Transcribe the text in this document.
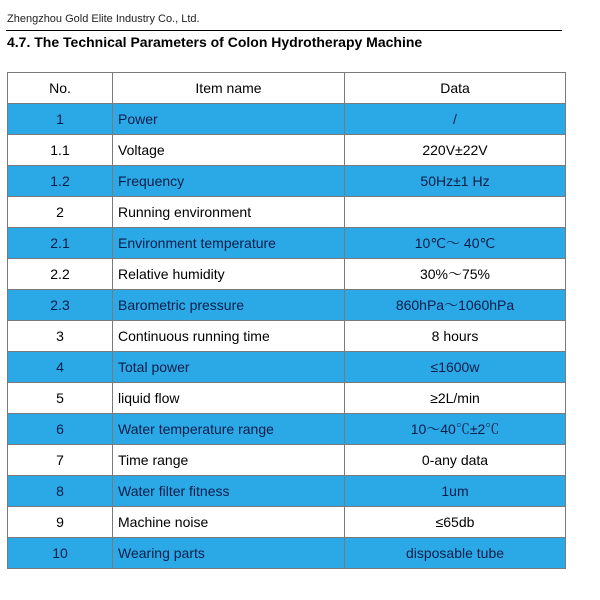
Zhengzhou Gold Elite Industry Co., Ltd.
4.7. The Technical Parameters of Colon Hydrotherapy Machine
No.	Item name	Data
1	Power	/
1.1	Voltage	220V±22V
1.2	Frequency	50Hz±1 Hz
2	Running environment	
2.1	Environment temperature	10℃～ 40℃
2.2	Relative humidity	30%～75%
2.3	Barometric pressure	860hPa～1060hPa
3	Continuous running time	8 hours
4	Total power	≤1600w
5	liquid flow	≥2L/min
6	Water temperature range	10～40℃±2℃
7	Time range	0-any data
8	Water filter fitness	1um
9	Machine noise	≤65db
10	Wearing parts	disposable tube
